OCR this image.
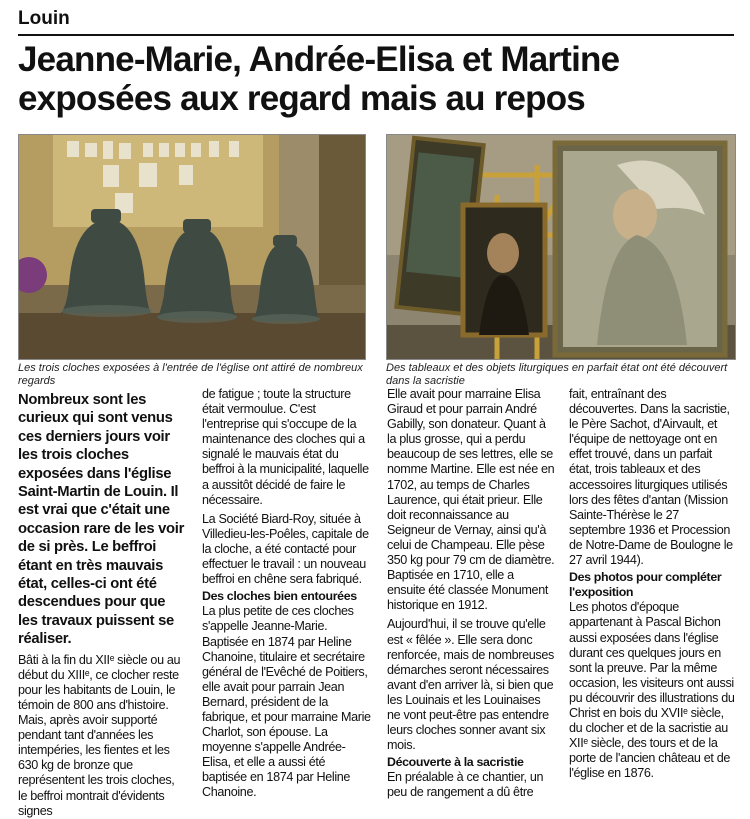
Louin
Jeanne-Marie, Andrée-Elisa et Martine
exposées aux regard mais au repos
Les trois cloches exposées à l'entrée de l'église ont attiré de nombreux regards
Des tableaux et des objets liturgiques en parfait état ont été découvert dans la sacristie

Nombreux sont les curieux qui sont venus ces derniers jours voir les trois cloches exposées dans l'église Saint-Martin de Louin. Il est vrai que c'était une occasion rare de les voir de si près. Le beffroi étant en très mauvais état, celles-ci ont été descendues pour que les travaux puissent se réaliser.

Bâti à la fin du XIIᵉ siècle ou au début du XIIIᵉ, ce clocher reste pour les habitants de Louin, le témoin de 800 ans d'histoire. Mais, après avoir supporté pendant tant d'années les intempéries, les fientes et les 630 kg de bronze que représentent les trois cloches, le beffroi montrait d'évidents signes

de fatigue ; toute la structure était vermoulue. C'est l'entreprise qui s'occupe de la maintenance des cloches qui a signalé le mauvais état du beffroi à la municipalité, laquelle a aussitôt décidé de faire le nécessaire.

La Société Biard-Roy, située à Villedieu-les-Poêles, capitale de la cloche, a été contacté pour effectuer le travail : un nouveau beffroi en chêne sera fabriqué.

Des cloches bien entourées

La plus petite de ces cloches s'appelle Jeanne-Marie. Baptisée en 1874 par Heline Chanoine, titulaire et secrétaire général de l'Evêché de Poitiers, elle avait pour parrain Jean Bernard, président de la fabrique, et pour marraine Marie Charlot, son épouse. La moyenne s'appelle Andrée-Elisa, et elle a aussi été baptisée en 1874 par Heline Chanoine.

Elle avait pour marraine Elisa Giraud et pour parrain André Gabilly, son donateur. Quant à la plus grosse, qui a perdu beaucoup de ses lettres, elle se nomme Martine. Elle est née en 1702, au temps de Charles Laurence, qui était prieur. Elle doit reconnaissance au Seigneur de Vernay, ainsi qu'à celui de Champeau. Elle pèse 350 kg pour 79 cm de diamètre. Baptisée en 1710, elle a ensuite été classée Monument historique en 1912.

Aujourd'hui, il se trouve qu'elle est « fêlée ». Elle sera donc renforcée, mais de nombreuses démarches seront nécessaires avant d'en arriver là, si bien que les Louinais et les Louinaises ne vont peut-être pas entendre leurs cloches sonner avant six mois.

Découverte à la sacristie

En préalable à ce chantier, un peu de rangement a dû être

fait, entraînant des découvertes. Dans la sacristie, le Père Sachot, d'Airvault, et l'équipe de nettoyage ont en effet trouvé, dans un parfait état, trois tableaux et des accessoires liturgiques utilisés lors des fêtes d'antan (Mission Sainte-Thérèse le 27 septembre 1936 et Procession de Notre-Dame de Boulogne le 27 avril 1944).

Des photos pour compléter l'exposition

Les photos d'époque appartenant à Pascal Bichon aussi exposées dans l'église durant ces quelques jours en sont la preuve. Par la même occasion, les visiteurs ont aussi pu découvrir des illustrations du Christ en bois du XVIIᵉ siècle, du clocher et de la sacristie au XIIᵉ siècle, des tours et de la porte de l'ancien château et de l'église en 1876.
